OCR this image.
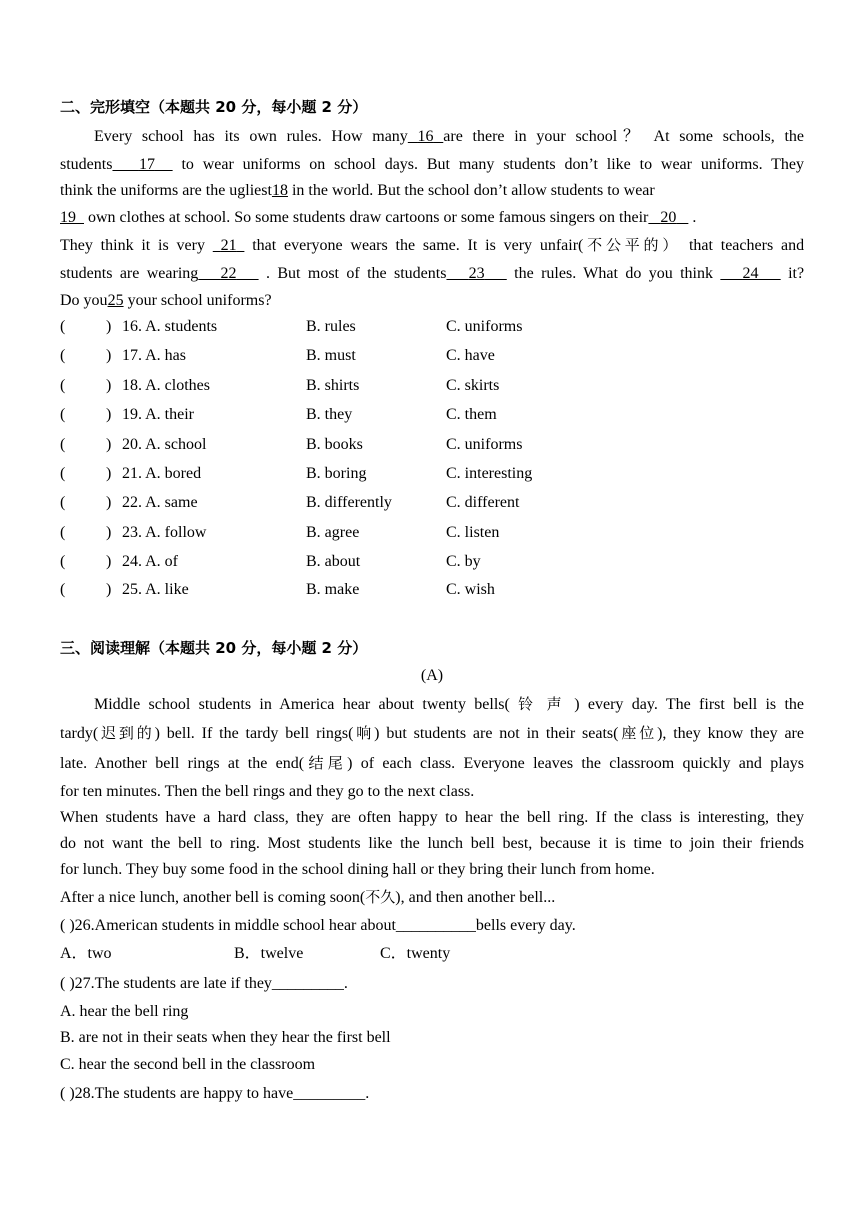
二、完形填空（本题共 20 分，每小题 2 分）
Every school has its own rules. How many 16 are there in your school？ At some schools, the
students 17 to wear uniforms on school days. But many students don’t like to wear uniforms. They
think the uniforms are the ugliest18 in the world. But the school don’t allow students to wear
19 own clothes at school. So some students draw cartoons or some famous singers on their 20 .
They think it is very 21 that everyone wears the same. It is very unfair(不公平的） that teachers and
students are wearing 22 . But most of the students 23 the rules. What do you think 24 it?
Do you25 your school uniforms?
(	) 16. A. students	B. rules	C. uniforms
(	) 17. A. has	B. must	C. have
(	) 18. A. clothes	B. shirts	C. skirts
(	) 19. A. their	B. they	C. them
(	) 20. A. school	B. books	C. uniforms
(	) 21. A. bored	B. boring	C. interesting
(	) 22. A. same	B. differently	C. different
(	) 23. A. follow	B. agree	C. listen
(	) 24. A. of	B. about	C. by
(	) 25. A. like	B. make	C. wish
三、阅读理解（本题共 20 分，每小题 2 分）
(A)
Middle school students in America hear about twenty bells( 铃 声 ) every day. The first bell is the
tardy(迟到的) bell. If the tardy bell rings(响) but students are not in their seats(座位), they know they are
late. Another bell rings at the end(结尾) of each class. Everyone leaves the classroom quickly and plays
for ten minutes. Then the bell rings and they go to the next class.
When students have a hard class, they are often happy to hear the bell ring. If the class is interesting, they
do not want the bell to ring. Most students like the lunch bell best, because it is time to join their friends
for lunch. They buy some food in the school dining hall or they bring their lunch from home.
After a nice lunch, another bell is coming soon(不久), and then another bell...
( )26.American students in middle school hear about__________bells every day.
A．two	B．twelve	C．twenty
( )27.The students are late if they_________.
A. hear the bell ring
B. are not in their seats when they hear the first bell
C. hear the second bell in the classroom
( )28.The students are happy to have_________.
